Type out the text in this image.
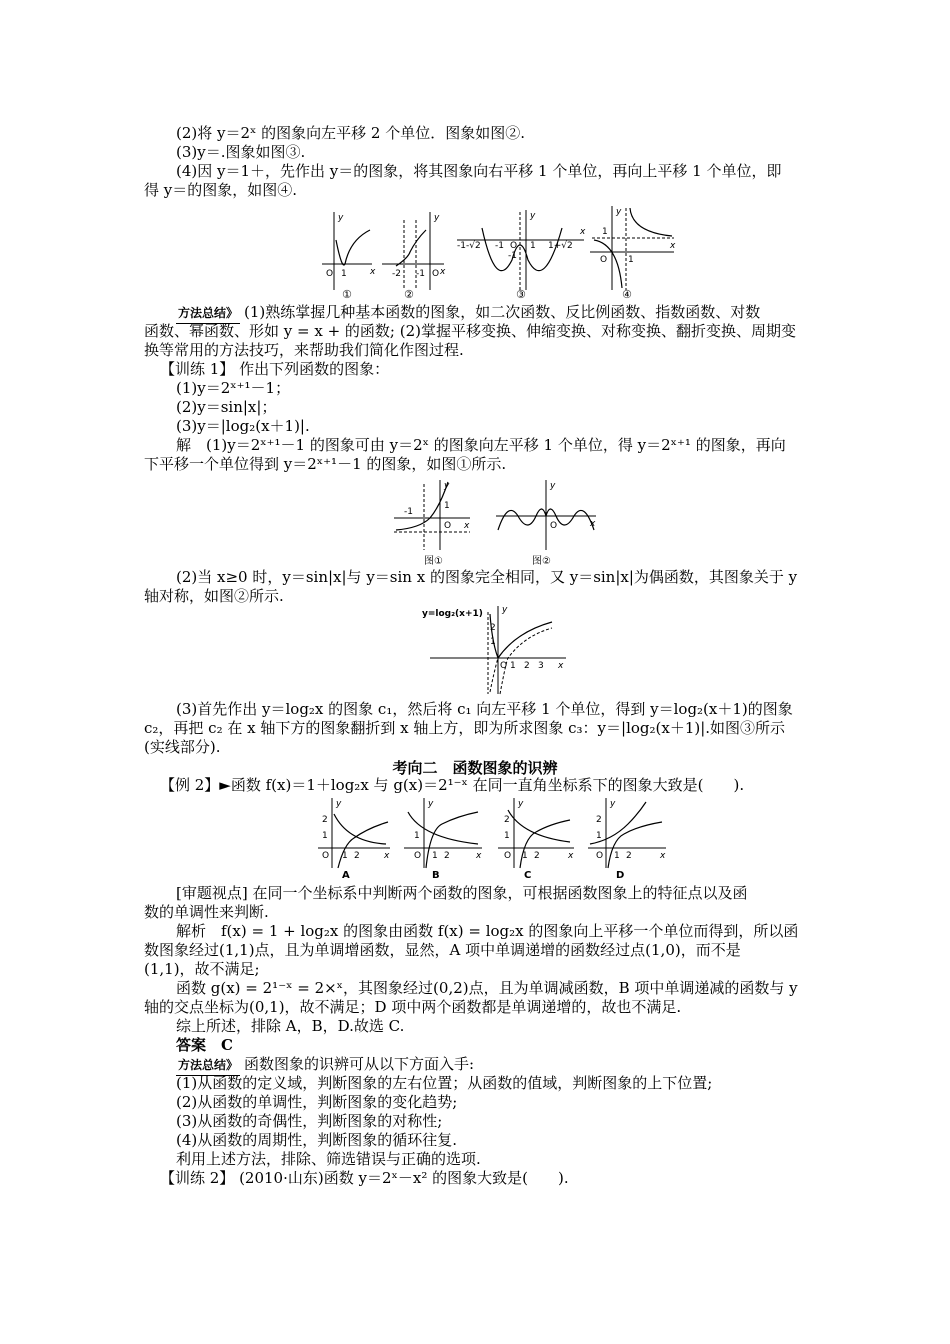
(2)将 y＝2ˣ 的图象向左平移 2 个单位．图象如图②.
(3)y＝.图象如图③.
(4)因 y＝1＋，先作出 y＝的图象，将其图象向右平移 1 个单位，再向上平移 1 个单位，即
得 y＝的图象，如图④.
y
x
O 1
①
y
x
-2 -1 O
②
y
x
-1-√2 -1 O 1 1+√2
-1
③
y
x
1
O 1
④
方法总结》 (1)熟练掌握几种基本函数的图象，如二次函数、反比例函数、指数函数、对数
函数、幂函数、形如 y = x + 的函数; (2)掌握平移变换、伸缩变换、对称变换、翻折变换、周期变
换等常用的方法技巧，来帮助我们简化作图过程.
【训练 1】 作出下列函数的图象：
(1)y＝2ˣ⁺¹－1；
(2)y＝sin|x|；
(3)y＝|log₂(x＋1)|.
解　(1)y＝2ˣ⁺¹－1 的图象可由 y＝2ˣ 的图象向左平移 1 个单位，得 y＝2ˣ⁺¹ 的图象，再向
下平移一个单位得到 y＝2ˣ⁺¹－1 的图象，如图①所示.
y
x
-1
1
O
图①
y
x
O
图②
(2)当 x≥0 时，y＝sin|x|与 y＝sin x 的图象完全相同，又 y＝sin|x|为偶函数，其图象关于 y
轴对称，如图②所示.
y=log₂(x+1) y
x
O 1 2 3
1
2
(3)首先作出 y＝log₂x 的图象 c₁，然后将 c₁ 向左平移 1 个单位，得到 y＝log₂(x＋1)的图象
c₂，再把 c₂ 在 x 轴下方的图象翻折到 x 轴上方，即为所求图象 c₃：y＝|log₂(x＋1)|.如图③所示
(实线部分).
考向二　函数图象的识辨
【例 2】►函数 f(x)＝1＋log₂x 与 g(x)＝2¹⁻ˣ 在同一直角坐标系下的图象大致是(　　).
y
x
2
1
O 1 2
A
y
x
1
O 1 2
B
y
x
2
1
O 1 2
C
y
x
2
1
O 1 2
D
[审题视点] 在同一个坐标系中判断两个函数的图象，可根据函数图象上的特征点以及函
数的单调性来判断.
解析　f(x) = 1 + log₂x 的图象由函数 f(x) = log₂x 的图象向上平移一个单位而得到，所以函
数图象经过(1,1)点，且为单调增函数，显然，A 项中单调递增的函数经过点(1,0)，而不是
(1,1)，故不满足;
函数 g(x) = 2¹⁻ˣ = 2×ˣ，其图象经过(0,2)点，且为单调减函数，B 项中单调递减的函数与 y
轴的交点坐标为(0,1)，故不满足；D 项中两个函数都是单调递增的，故也不满足.
综上所述，排除 A，B，D.故选 C.
答案　C
方法总结》 函数图象的识辨可从以下方面入手:
(1)从函数的定义域，判断图象的左右位置；从函数的值域，判断图象的上下位置;
(2)从函数的单调性，判断图象的变化趋势;
(3)从函数的奇偶性，判断图象的对称性;
(4)从函数的周期性，判断图象的循环往复.
利用上述方法，排除、筛选错误与正确的选项.
【训练 2】 (2010·山东)函数 y＝2ˣ－x² 的图象大致是(　　).
